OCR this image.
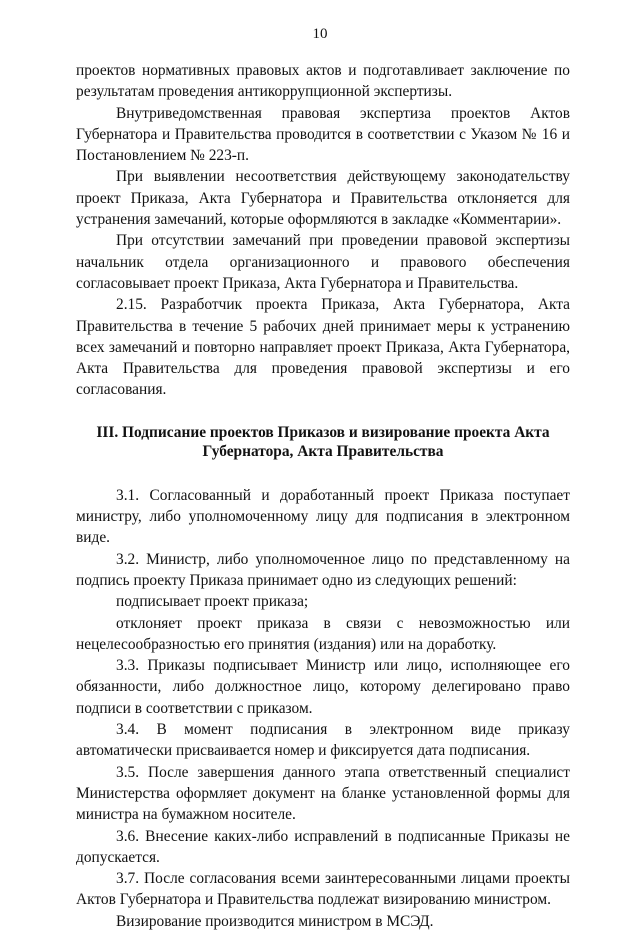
10

проектов нормативных правовых актов и подготавливает заключение по результатам проведения антикоррупционной экспертизы.

Внутриведомственная правовая экспертиза проектов Актов Губернатора и Правительства проводится в соответствии с Указом № 16 и Постановлением № 223-п.

При выявлении несоответствия действующему законодательству проект Приказа, Акта Губернатора и Правительства отклоняется для устранения замечаний, которые оформляются в закладке «Комментарии».

При отсутствии замечаний при проведении правовой экспертизы начальник отдела организационного и правового обеспечения согласовывает проект Приказа, Акта Губернатора и Правительства.

2.15. Разработчик проекта Приказа, Акта Губернатора, Акта Правительства в течение 5 рабочих дней принимает меры к устранению всех замечаний и повторно направляет проект Приказа, Акта Губернатора, Акта Правительства для проведения правовой экспертизы и его согласования.

III. Подписание проектов Приказов и визирование проекта Акта
Губернатора, Акта Правительства

3.1. Согласованный и доработанный проект Приказа поступает министру, либо уполномоченному лицу для подписания в электронном виде.

3.2. Министр, либо уполномоченное лицо по представленному на подпись проекту Приказа принимает одно из следующих решений:

подписывает проект приказа;

отклоняет проект приказа в связи с невозможностью или нецелесообразностью его принятия (издания) или на доработку.

3.3. Приказы подписывает Министр или лицо, исполняющее его обязанности, либо должностное лицо, которому делегировано право подписи в соответствии с приказом.

3.4. В момент подписания в электронном виде приказу автоматически присваивается номер и фиксируется дата подписания.

3.5. После завершения данного этапа ответственный специалист Министерства оформляет документ на бланке установленной формы для министра на бумажном носителе.

3.6. Внесение каких-либо исправлений в подписанные Приказы не допускается.

3.7. После согласования всеми заинтересованными лицами проекты Актов Губернатора и Правительства подлежат визированию министром.

Визирование производится министром в МСЭД.
